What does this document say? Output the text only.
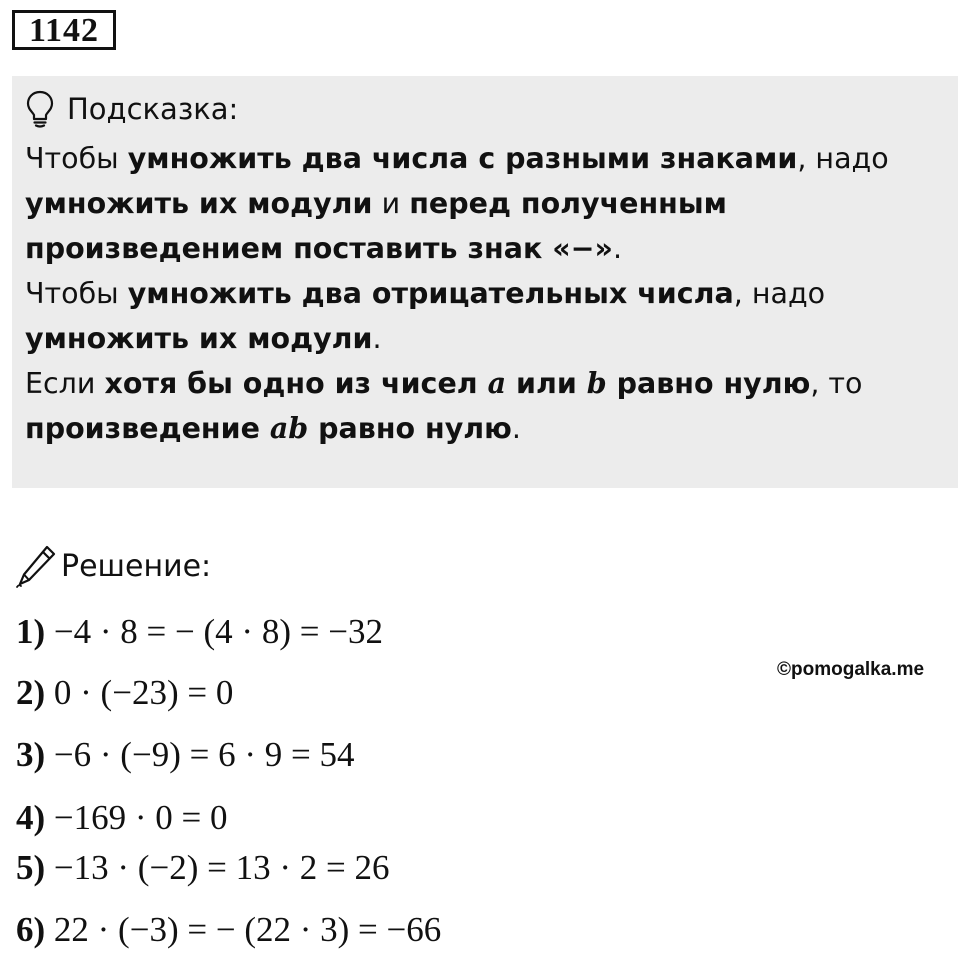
1142
Подсказка:
Чтобы умножить два числа с разными знаками, надо умножить их модули и перед полученным произведением поставить знак «−».
Чтобы умножить два отрицательных числа, надо умножить их модули.
Если хотя бы одно из чисел a или b равно нулю, то произведение ab равно нулю.
Решение:
1) −4 · 8 = − (4 · 8) = −32
2) 0 · (−23) = 0
3) −6 · (−9) = 6 · 9 = 54
4) −169 · 0 = 0
5) −13 · (−2) = 13 · 2 = 26
6) 22 · (−3) = − (22 · 3) = −66
©pomogalka.me
